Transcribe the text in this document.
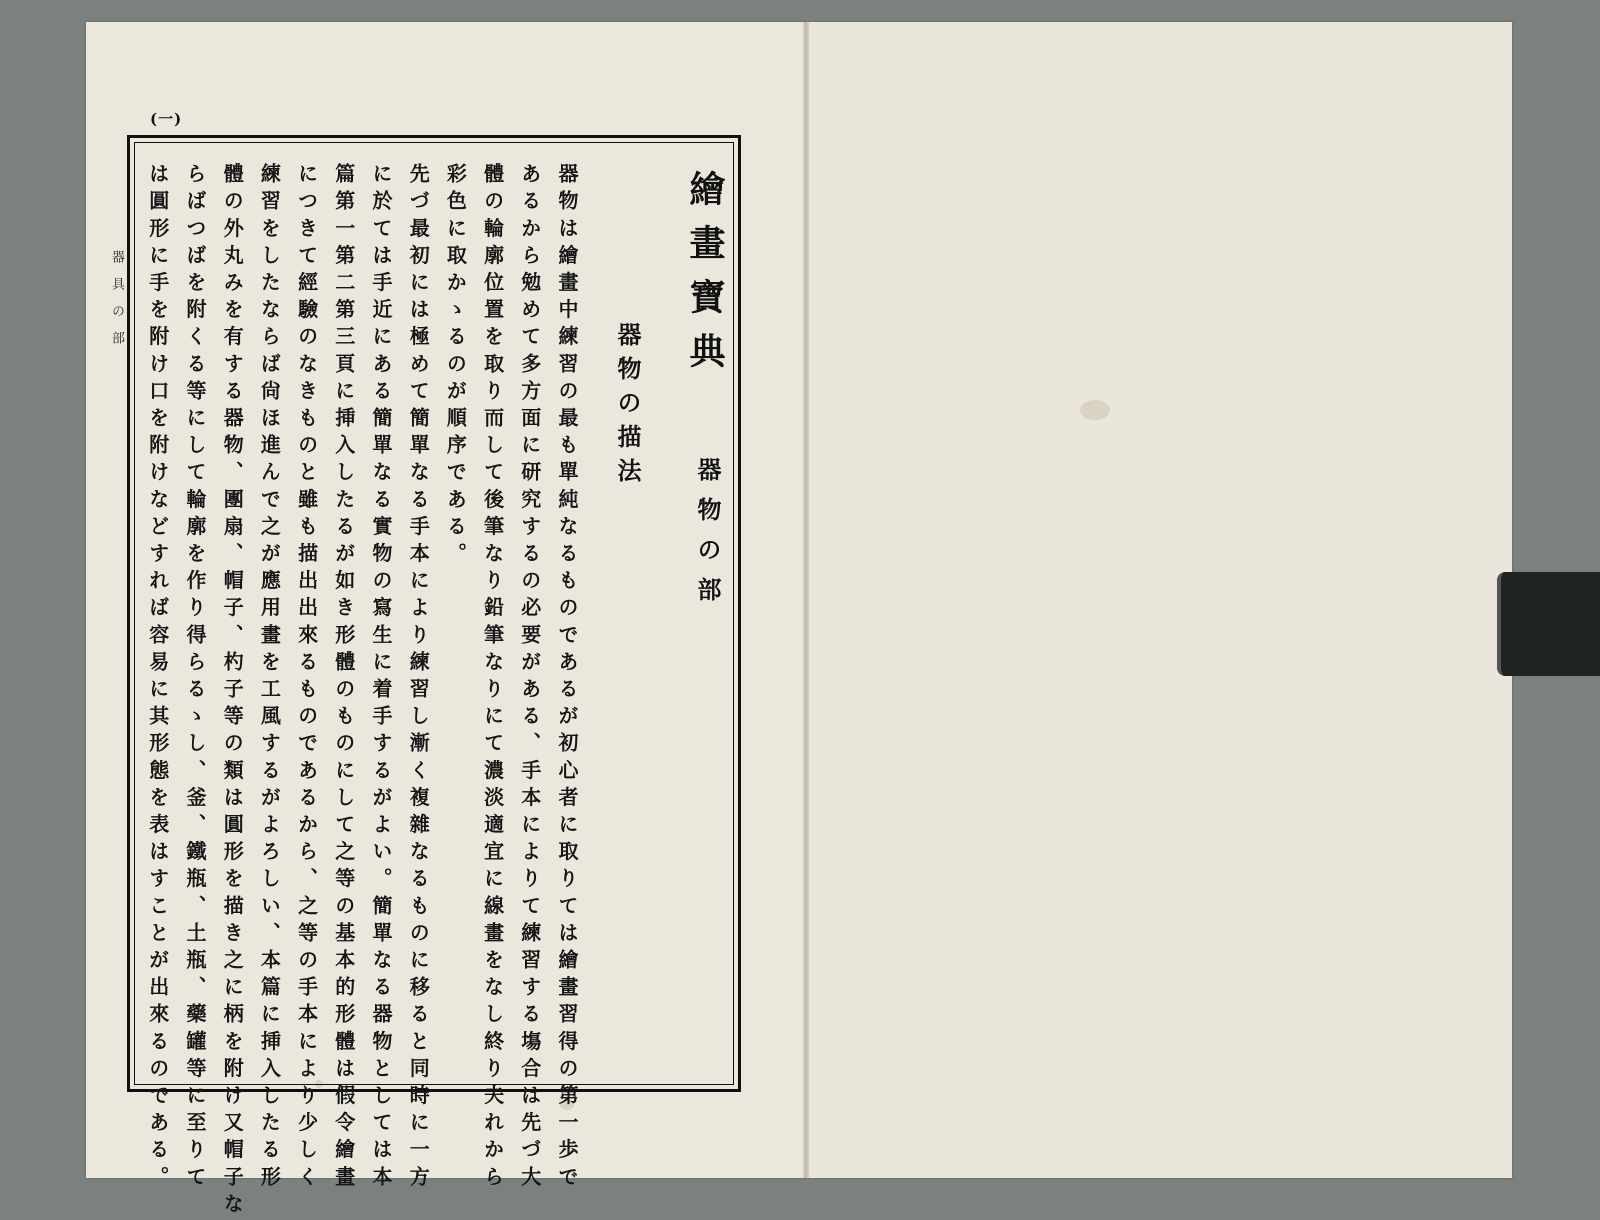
(一)
器具の部	繪畫寶典
器物の部
器物の描法
器物は繪畫中練習の最も單純なるものであるが初心者に取りては繪畫習得の第一歩で
あるから勉めて多方面に研究するの必要がある、手本によりて練習する塲合は先づ大
體の輪廓位置を取り而して後筆なり鉛筆なりにて濃淡適宜に線畫をなし終り夫れから
彩色に取かゝるのが順序である。
先づ最初には極めて簡單なる手本により練習し漸く複雜なるものに移ると同時に一方
に於ては手近にある簡單なる實物の寫生に着手するがよい。簡單なる器物としては本
篇第一第二第三頁に挿入したるが如き形體のものにして之等の基本的形體は假令繪畫
につきて經驗のなきものと雖も描出出來るものであるから、之等の手本により少しく
練習をしたならば尙ほ進んで之が應用畫を工風するがよろしい、本篇に挿入したる形
體の外丸みを有する器物、團扇、帽子、杓子等の類は圓形を描き之に柄を附け又帽子な
らばつばを附くる等にして輪廓を作り得らるゝし、釜、鐵瓶、土瓶、藥罐等に至りて
は圓形に手を附け口を附けなどすれば容易に其形態を表はすことが出來るのである。
